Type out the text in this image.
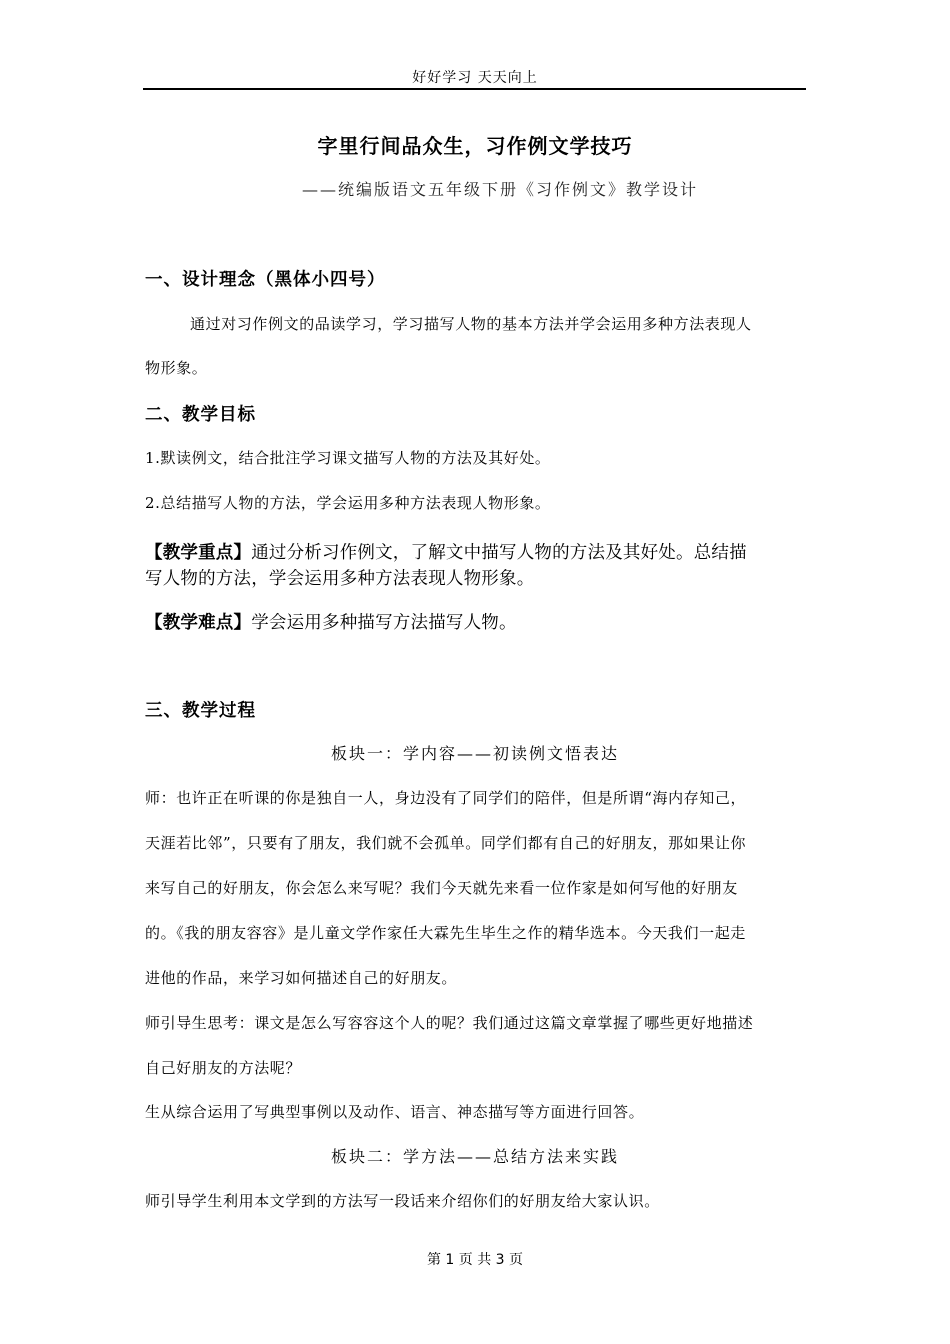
好好学习 天天向上
字里行间品众生，习作例文学技巧
——统编版语文五年级下册《习作例文》教学设计
一、设计理念（黑体小四号）
通过对习作例文的品读学习，学习描写人物的基本方法并学会运用多种方法表现人
物形象。
二、教学目标
1.默读例文，结合批注学习课文描写人物的方法及其好处。
2.总结描写人物的方法，学会运用多种方法表现人物形象。
【教学重点】通过分析习作例文，了解文中描写人物的方法及其好处。总结描
写人物的方法，学会运用多种方法表现人物形象。
【教学难点】学会运用多种描写方法描写人物。
三、教学过程
板块一：学内容——初读例文悟表达
师：也许正在听课的你是独自一人，身边没有了同学们的陪伴，但是所谓“海内存知己，
天涯若比邻”，只要有了朋友，我们就不会孤单。同学们都有自己的好朋友，那如果让你
来写自己的好朋友，你会怎么来写呢？我们今天就先来看一位作家是如何写他的好朋友
的。《我的朋友容容》是儿童文学作家任大霖先生毕生之作的精华选本。今天我们一起走
进他的作品，来学习如何描述自己的好朋友。
师引导生思考：课文是怎么写容容这个人的呢？我们通过这篇文章掌握了哪些更好地描述
自己好朋友的方法呢？
生从综合运用了写典型事例以及动作、语言、神态描写等方面进行回答。
板块二：学方法——总结方法来实践
师引导学生利用本文学到的方法写一段话来介绍你们的好朋友给大家认识。
第 1 页 共 3 页
